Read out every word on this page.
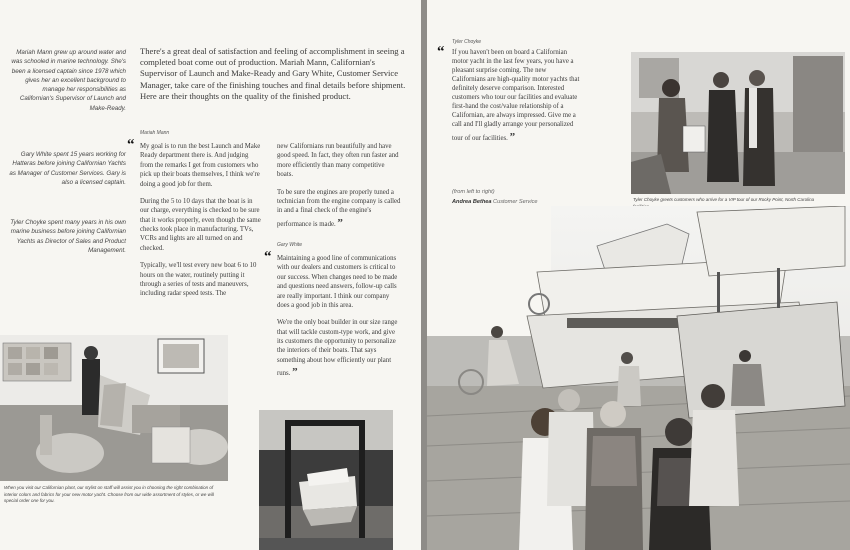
Mariah Mann grew up around water and was schooled in marine technology. She's been a licensed captain since 1978 which gives her an excellent background to manage her responsibilities as Californian's Supervisor of Launch and Make-Ready.
Gary White spent 15 years working for Hatteras before joining Californian Yachts as Manager of Customer Services. Gary is also a licensed captain.
Tyler Choyke spent many years in his own marine business before joining Californian Yachts as Director of Sales and Product Management.
There's a great deal of satisfaction and feeling of accomplishment in seeing a completed boat come out of production. Mariah Mann, Californian's Supervisor of Launch and Make-Ready and Gary White, Customer Service Manager, take care of the finishing touches and final details before shipment. Here are their thoughts on the quality of the finished product.
Mariah Mann
“ My goal is to run the best Launch and Make Ready department there is. And judging from the remarks I get from customers who pick up their boats themselves, I think we're doing a good job for them.

During the 5 to 10 days that the boat is in our charge, everything is checked to be sure that it works properly, even though the same checks took place in manufacturing. TVs, VCRs and lights are all turned on and checked.

Typically, we'll test every new boat 6 to 10 hours on the water, routinely putting it through a series of tests and maneuvers, including radar speed tests. The

new Californians run beautifully and have good speed. In fact, they often run faster and more efficiently than many competitive boats.

To be sure the engines are properly tuned a technician from the engine company is called in and a final check of the engine's performance is made. ”

Gary White
“ Maintaining a good line of communications with our dealers and customers is critical to our success. When changes need to be made and questions need answers, follow-up calls are really important. I think our company does a good job in this area.

We're the only boat builder in our size range that will tackle custom-type work, and give its customers the opportunity to personalize the interiors of their boats. That says something about how efficiently our plant runs. ”

When you visit our Californian plant, our stylist on staff will assist you in choosing the right combination of interior colors and fabrics for your new motor yacht. Choose from our wide assortment of styles, or we will special order one for you.
Tyler Choyke
“ If you haven't been on board a Californian motor yacht in the last few years, you have a pleasant surprise coming. The new Californians are high-quality motor yachts that definitely deserve comparison. Interested customers who tour our facilities and evaluate first-hand the cost/value relationship of a Californian, are always impressed. Give me a call and I'll gladly arrange your personalized tour of our facilities. ”
Tyler Choyke greets customers who arrive for a VIP tour of our Rocky Point, North Carolina
(from left to right)
Andrea Bethea Customer Service
